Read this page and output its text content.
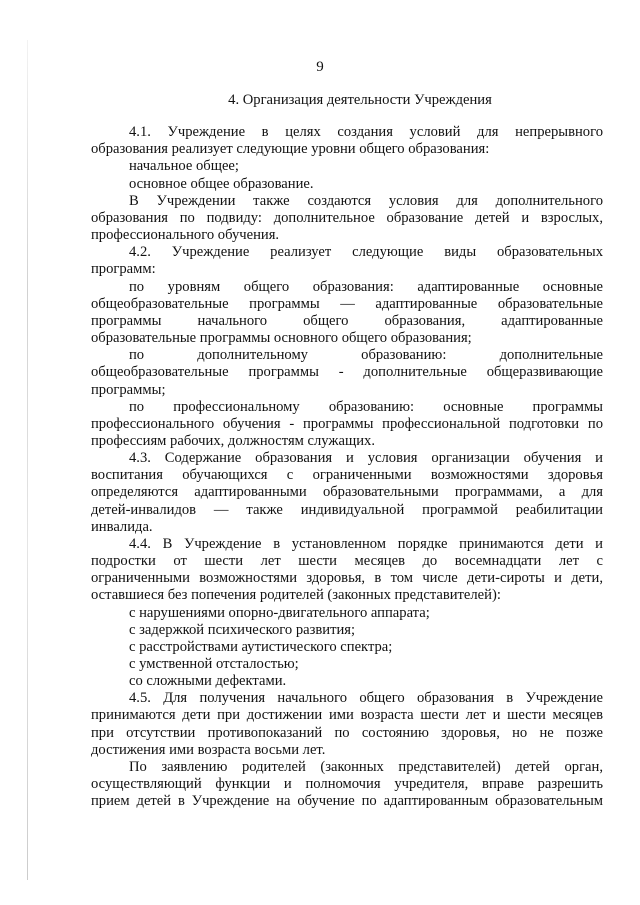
9
4. Организация деятельности Учреждения
4.1. Учреждение в целях создания условий для непрерывного
образования реализует следующие уровни общего образования:
начальное общее;
основное общее образование.
В Учреждении также создаются условия для дополнительного
образования по подвиду: дополнительное образование детей и взрослых,
профессионального обучения.
4.2. Учреждение реализует следующие виды образовательных
программ:
по уровням общего образования: адаптированные основные
общеобразовательные программы — адаптированные образовательные
программы начального общего образования, адаптированные
образовательные программы основного общего образования;
по дополнительному образованию: дополнительные
общеобразовательные программы - дополнительные общеразвивающие
программы;
по профессиональному образованию: основные программы
профессионального обучения - программы профессиональной подготовки по
профессиям рабочих, должностям служащих.
4.3. Содержание образования и условия организации обучения и
воспитания обучающихся с ограниченными возможностями здоровья
определяются адаптированными образовательными программами, а для
детей-инвалидов — также индивидуальной программой реабилитации
инвалида.
4.4. В Учреждение в установленном порядке принимаются дети и
подростки от шести лет шести месяцев до восемнадцати лет с
ограниченными возможностями здоровья, в том числе дети-сироты и дети,
оставшиеся без попечения родителей (законных представителей):
с нарушениями опорно-двигательного аппарата;
с задержкой психического развития;
с расстройствами аутистического спектра;
с умственной отсталостью;
со сложными дефектами.
4.5. Для получения начального общего образования в Учреждение
принимаются дети при достижении ими возраста шести лет и шести месяцев
при отсутствии противопоказаний по состоянию здоровья, но не позже
достижения ими возраста восьми лет.
По заявлению родителей (законных представителей) детей орган,
осуществляющий функции и полномочия учредителя, вправе разрешить
прием детей в Учреждение на обучение по адаптированным образовательным
